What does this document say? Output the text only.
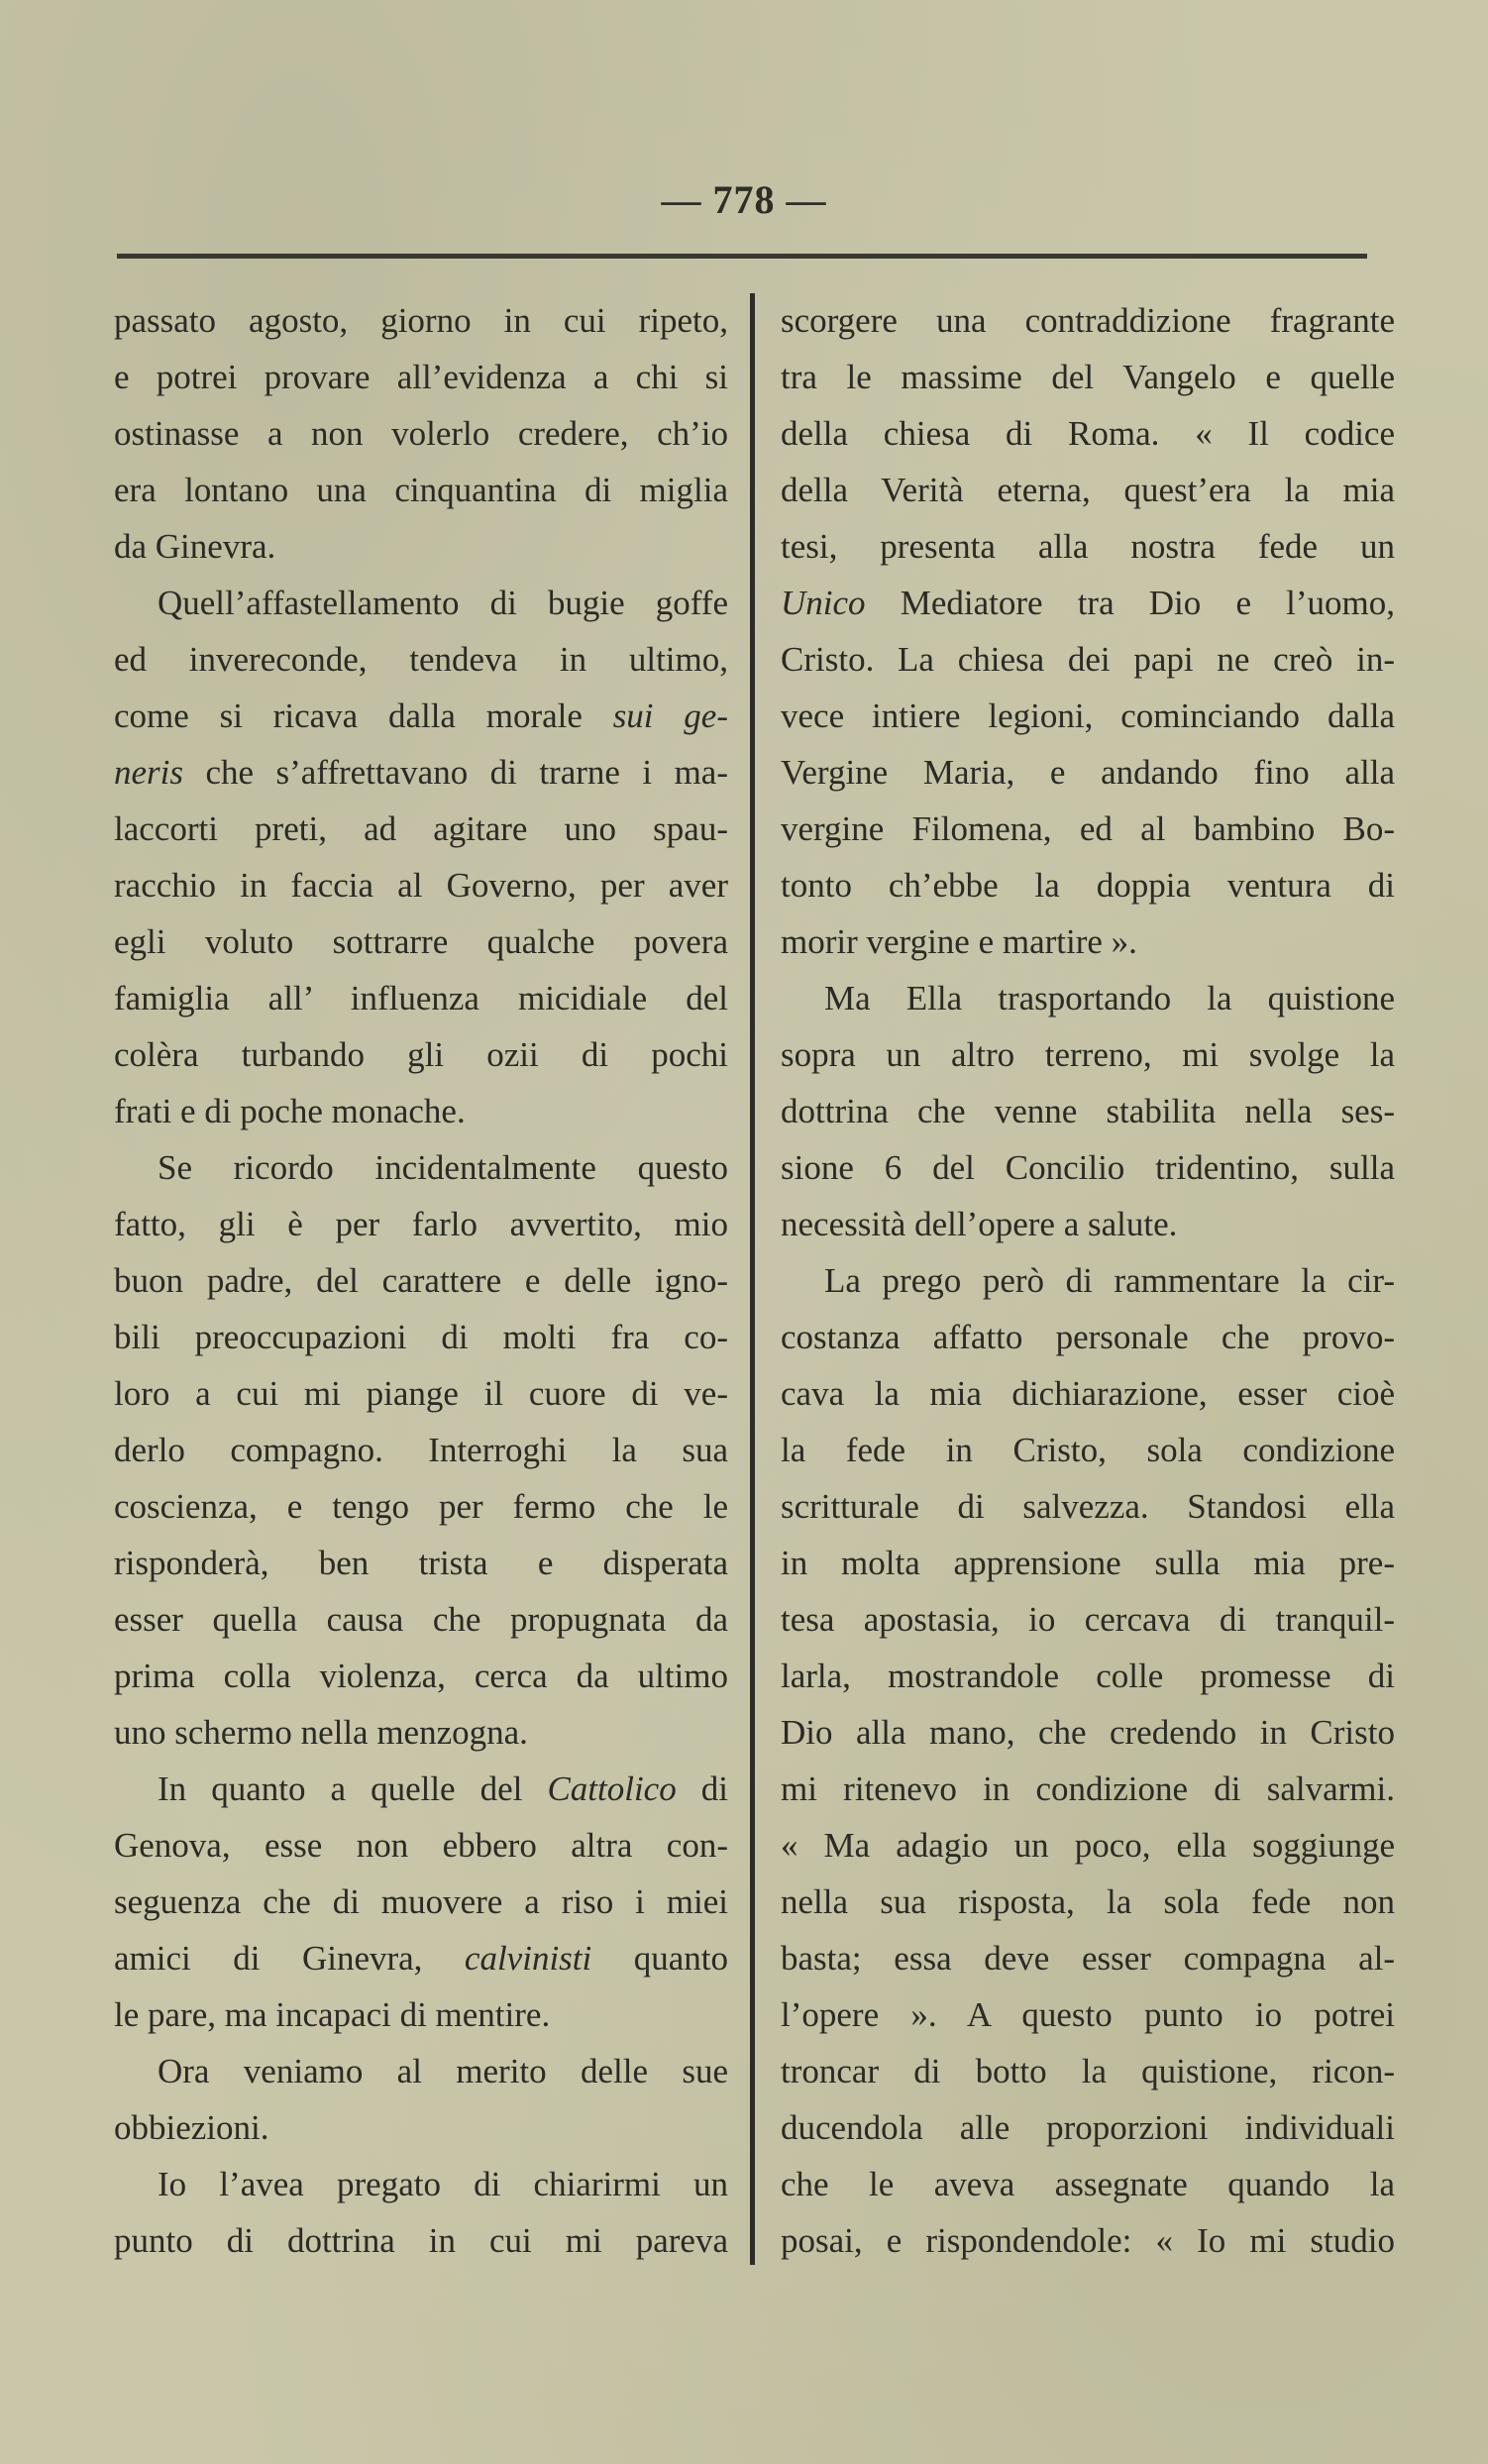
— 778 —

passato agosto, giorno in cui ripeto,

e potrei provare all’evidenza a chi si

ostinasse a non volerlo credere, ch’io

era lontano una cinquantina di miglia

da Ginevra.

Quell’affastellamento di bugie goffe

ed invereconde, tendeva in ultimo,

come si ricava dalla morale sui ge-

neris che s’affrettavano di trarne i ma-

laccorti preti, ad agitare uno spau-

racchio in faccia al Governo, per aver

egli voluto sottrarre qualche povera

famiglia all’ influenza micidiale del

colèra turbando gli ozii di pochi

frati e di poche monache.

Se ricordo incidentalmente questo

fatto, gli è per farlo avvertito, mio

buon padre, del carattere e delle igno-

bili preoccupazioni di molti fra co-

loro a cui mi piange il cuore di ve-

derlo compagno. Interroghi la sua

coscienza, e tengo per fermo che le

risponderà, ben trista e disperata

esser quella causa che propugnata da

prima colla violenza, cerca da ultimo

uno schermo nella menzogna.

In quanto a quelle del Cattolico di

Genova, esse non ebbero altra con-

seguenza che di muovere a riso i miei

amici di Ginevra, calvinisti quanto

le pare, ma incapaci di mentire.

Ora veniamo al merito delle sue

obbiezioni.

Io l’avea pregato di chiarirmi un

punto di dottrina in cui mi pareva

scorgere una contraddizione fragrante

tra le massime del Vangelo e quelle

della chiesa di Roma. « Il codice

della Verità eterna, quest’era la mia

tesi, presenta alla nostra fede un

Unico Mediatore tra Dio e l’uomo,

Cristo. La chiesa dei papi ne creò in-

vece intiere legioni, cominciando dalla

Vergine Maria, e andando fino alla

vergine Filomena, ed al bambino Bo-

tonto ch’ebbe la doppia ventura di

morir vergine e martire ».

Ma Ella trasportando la quistione

sopra un altro terreno, mi svolge la

dottrina che venne stabilita nella ses-

sione 6 del Concilio tridentino, sulla

necessità dell’opere a salute.

La prego però di rammentare la cir-

costanza affatto personale che provo-

cava la mia dichiarazione, esser cioè

la fede in Cristo, sola condizione

scritturale di salvezza. Standosi ella

in molta apprensione sulla mia pre-

tesa apostasia, io cercava di tranquil-

larla, mostrandole colle promesse di

Dio alla mano, che credendo in Cristo

mi ritenevo in condizione di salvarmi.

« Ma adagio un poco, ella soggiunge

nella sua risposta, la sola fede non

basta; essa deve esser compagna al-

l’opere ». A questo punto io potrei

troncar di botto la quistione, ricon-

ducendola alle proporzioni individuali

che le aveva assegnate quando la

posai, e rispondendole: « Io mi studio
